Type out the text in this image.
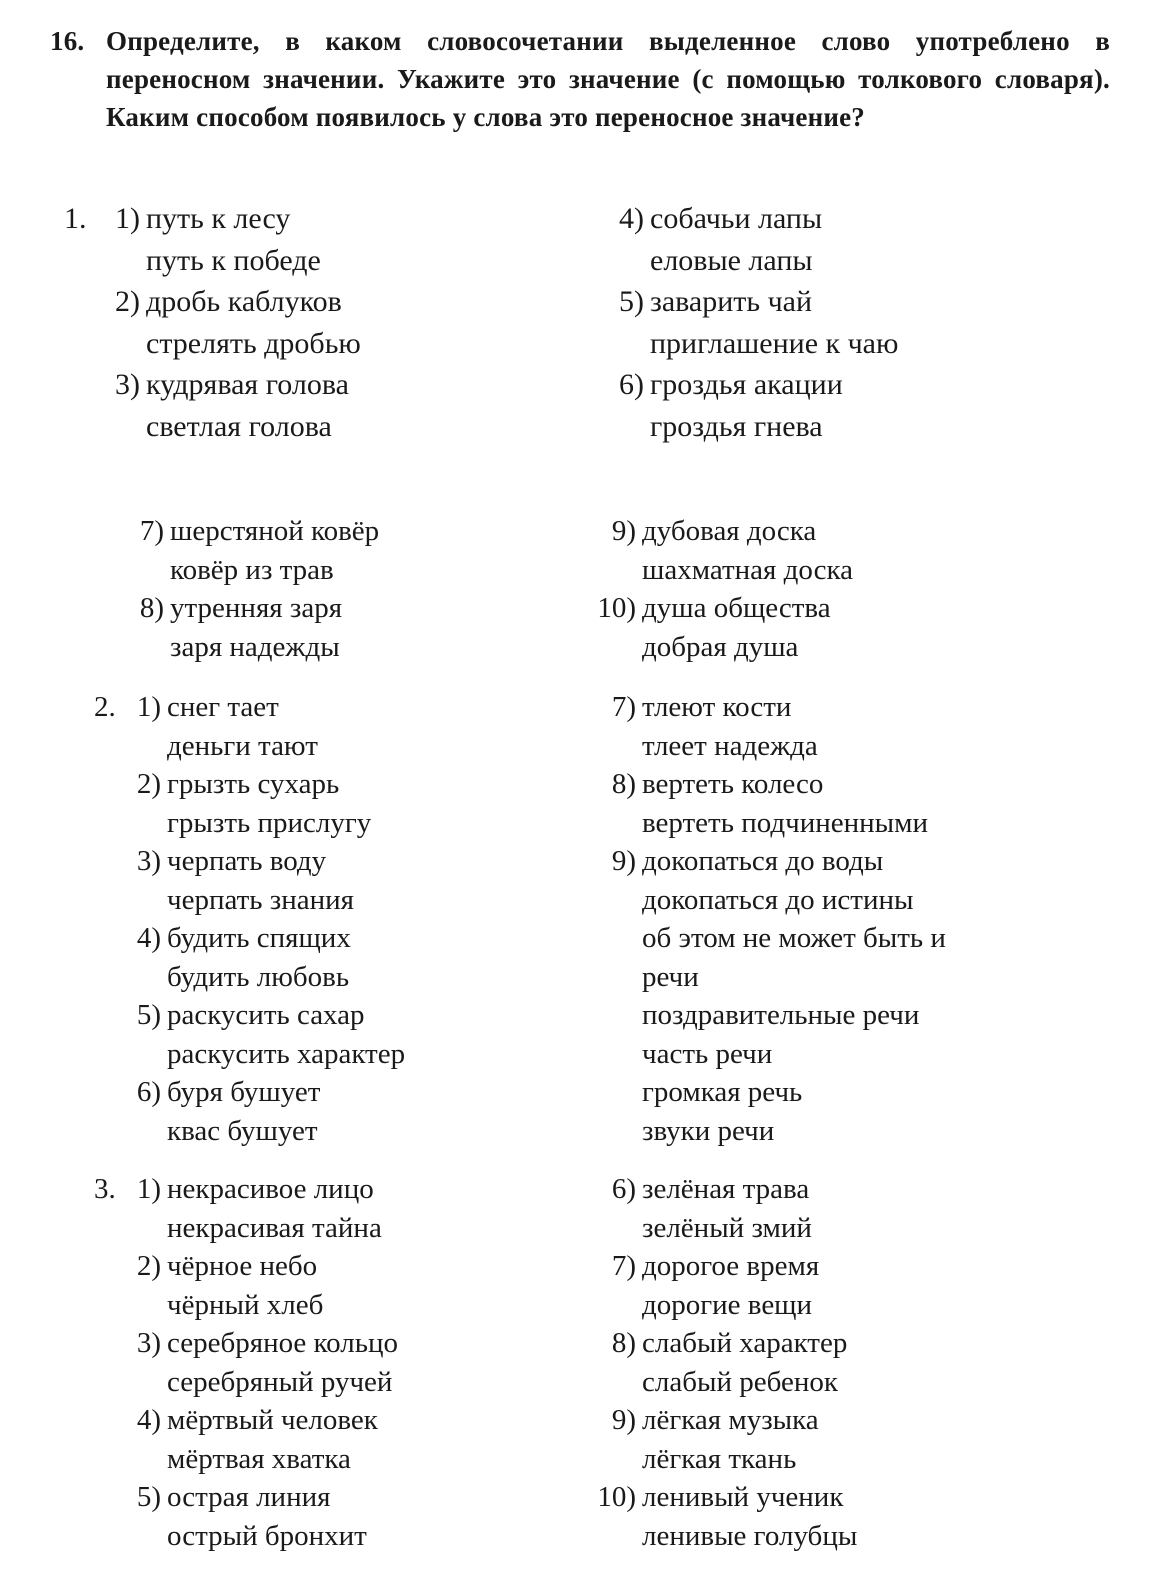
16. Определите, в каком словосочетании выделенное слово употреблено в переносном значении. Укажите это значение (с помощью толкового словаря). Каким способом появилось у слова это переносное значение?
1. 1) путь к лесу
путь к победе
2) дробь каблуков
стрелять дробью
3) кудрявая голова
светлая голова
4) собачьи лапы
еловые лапы
5) заварить чай
приглашение к чаю
6) гроздья акации
гроздья гнева
7) шерстяной ковёр
ковёр из трав
8) утренняя заря
заря надежды
9) дубовая доска
шахматная доска
10) душа общества
добрая душа
2. 1) снег тает
деньги тают
2) грызть сухарь
грызть прислугу
3) черпать воду
черпать знания
4) будить спящих
будить любовь
5) раскусить сахар
раскусить характер
6) буря бушует
квас бушует
7) тлеют кости
тлеет надежда
8) вертеть колесо
вертеть подчиненными
9) докопаться до воды
докопаться до истины
об этом не может быть и
речи
поздравительные речи
часть речи
громкая речь
звуки речи
3. 1) некрасивое лицо
некрасивая тайна
2) чёрное небо
чёрный хлеб
3) серебряное кольцо
серебряный ручей
4) мёртвый человек
мёртвая хватка
5) острая линия
острый бронхит
6) зелёная трава
зелёный змий
7) дорогое время
дорогие вещи
8) слабый характер
слабый ребенок
9) лёгкая музыка
лёгкая ткань
10) ленивый ученик
ленивые голубцы
